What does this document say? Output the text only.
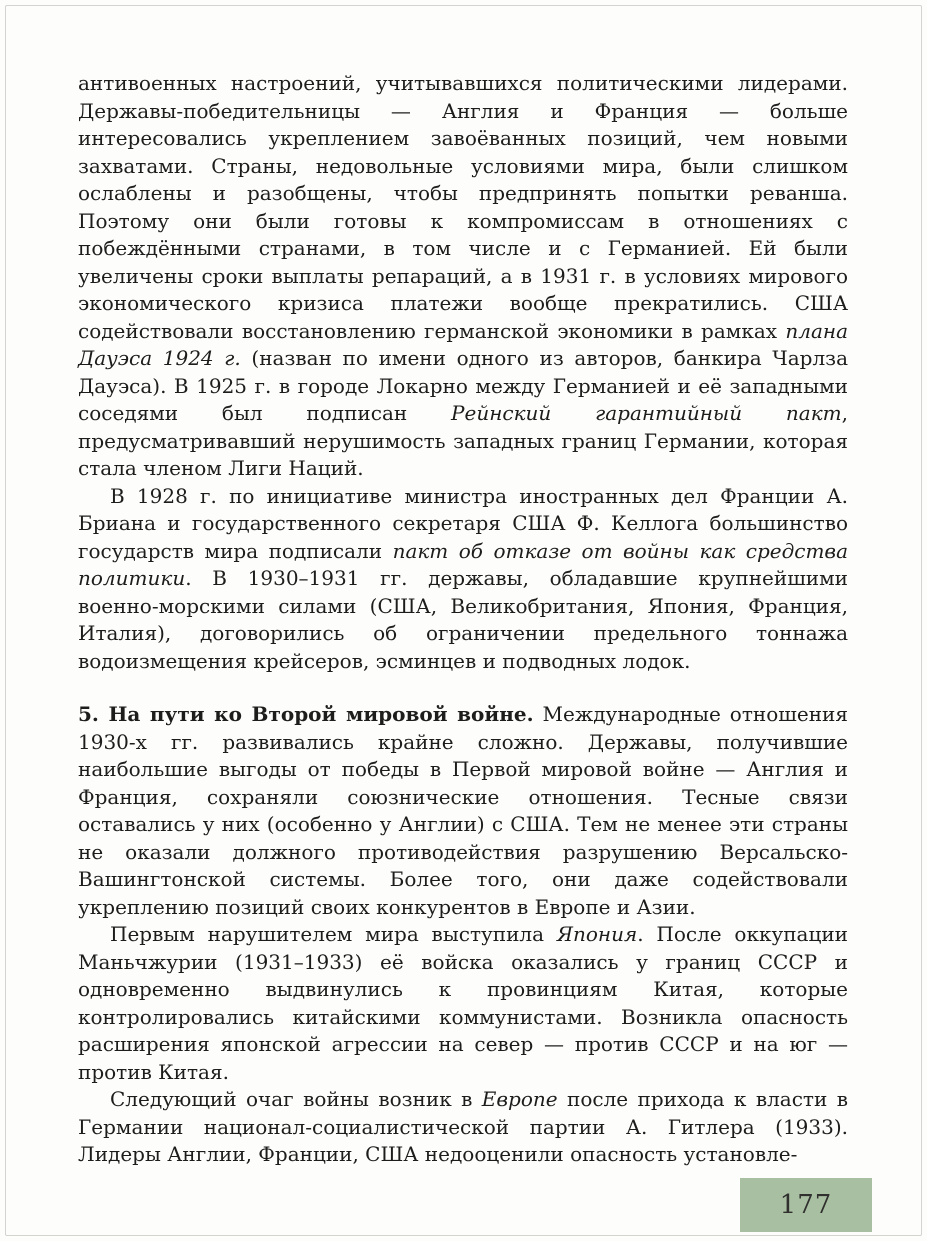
антивоенных настроений, учитывавшихся политическими лидерами. Державы-победительницы — Англия и Франция — больше интересовались укреплением завоёванных позиций, чем новыми захватами. Страны, недовольные условиями мира, были слишком ослаблены и разобщены, чтобы предпринять попытки реванша. Поэтому они были готовы к компромиссам в отношениях с побеждёнными странами, в том числе и с Германией. Ей были увеличены сроки выплаты репараций, а в 1931 г. в условиях мирового экономического кризиса платежи вообще прекратились. США содействовали восстановлению германской экономики в рамках плана Дауэса 1924 г. (назван по имени одного из авторов, банкира Чарлза Дауэса). В 1925 г. в городе Локарно между Германией и её западными соседями был подписан Рейнский гарантийный пакт, предусматривавший нерушимость западных границ Германии, которая стала членом Лиги Наций.

В 1928 г. по инициативе министра иностранных дел Франции А. Бриана и государственного секретаря США Ф. Келлога большинство государств мира подписали пакт об отказе от войны как средства политики. В 1930–1931 гг. державы, обладавшие крупнейшими военно-морскими силами (США, Великобритания, Япония, Франция, Италия), договорились об ограничении предельного тоннажа водоизмещения крейсеров, эсминцев и подводных лодок.

5. На пути ко Второй мировой войне. Международные отношения 1930-х гг. развивались крайне сложно. Державы, получившие наибольшие выгоды от победы в Первой мировой войне — Англия и Франция, сохраняли союзнические отношения. Тесные связи оставались у них (особенно у Англии) с США. Тем не менее эти страны не оказали должного противодействия разрушению Версальско-Вашингтонской системы. Более того, они даже содействовали укреплению позиций своих конкурентов в Европе и Азии.

Первым нарушителем мира выступила Япония. После оккупации Маньчжурии (1931–1933) её войска оказались у границ СССР и одновременно выдвинулись к провинциям Китая, которые контролировались китайскими коммунистами. Возникла опасность расширения японской агрессии на север — против СССР и на юг — против Китая.

Следующий очаг войны возник в Европе после прихода к власти в Германии национал-социалистической партии А. Гитлера (1933). Лидеры Англии, Франции, США недооценили опасность установле-

177
